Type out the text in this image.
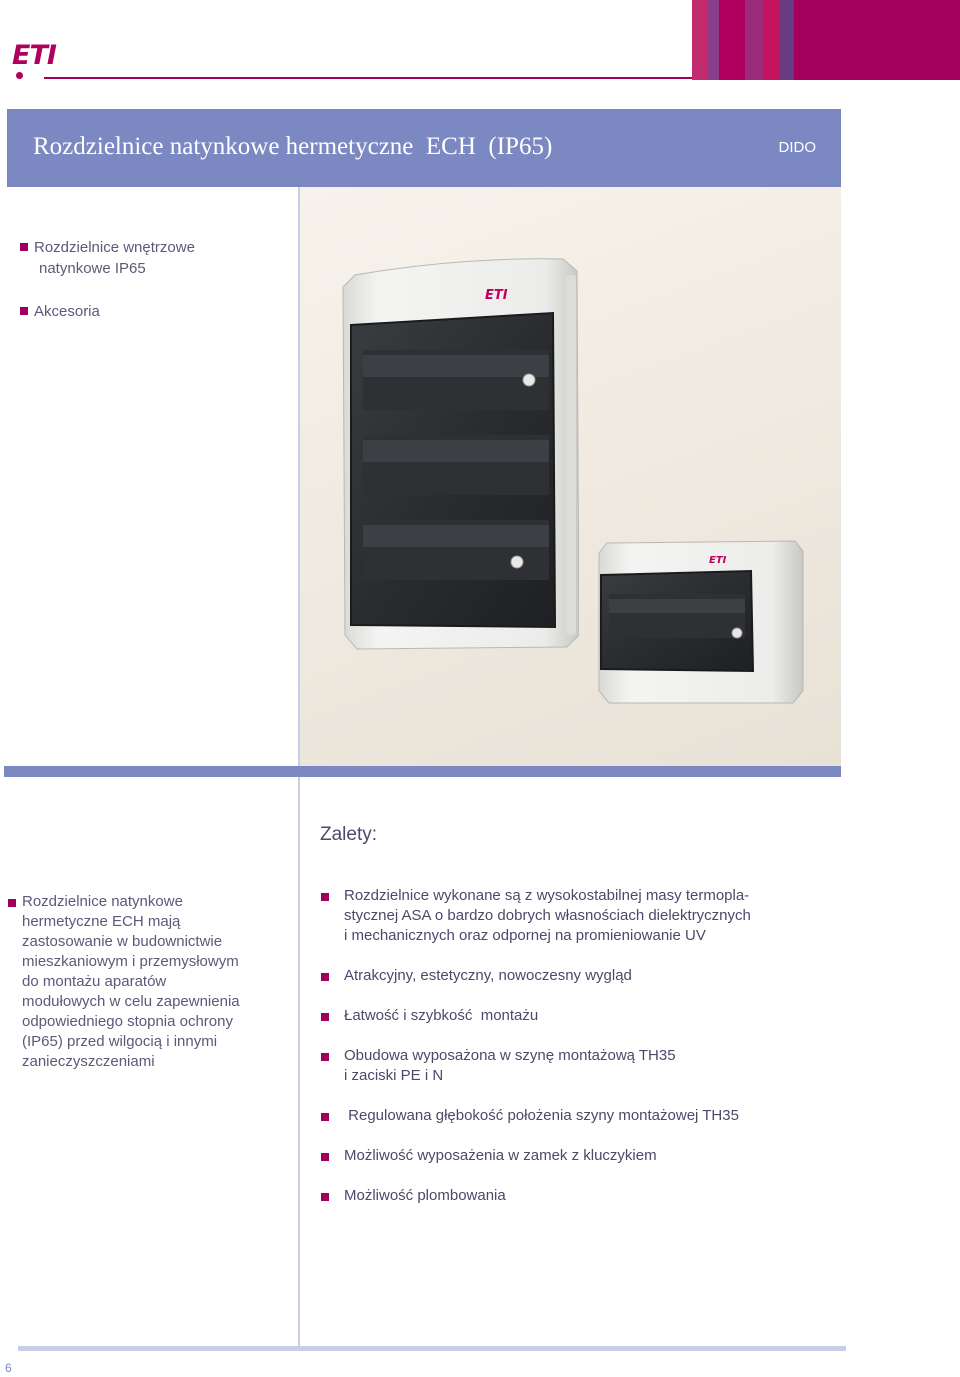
ETI
Rozdzielnice natynkowe hermetyczne  ECH  (IP65)	DIDO
Rozdzielnice wnętrzowe
natynkowe IP65
Akcesoria
ETI
ETI
Zalety:
Rozdzielnice natynkowe
hermetyczne ECH mają
zastosowanie w budownictwie
mieszkaniowym i przemysłowym
do montażu aparatów
modułowych w celu zapewnienia
odpowiedniego stopnia ochrony
(IP65) przed wilgocią i innymi
zanieczyszczeniami
Rozdzielnice wykonane są z wysokostabilnej masy termopla-
stycznej ASA o bardzo dobrych własnościach dielektrycznych
i mechanicznych oraz odpornej na promieniowanie UV
Atrakcyjny, estetyczny, nowoczesny wygląd
Łatwość i szybkość  montażu
Obudowa wyposażona w szynę montażową TH35
i zaciski PE i N
Regulowana głębokość położenia szyny montażowej TH35
Możliwość wyposażenia w zamek z kluczykiem
Możliwość plombowania
6
